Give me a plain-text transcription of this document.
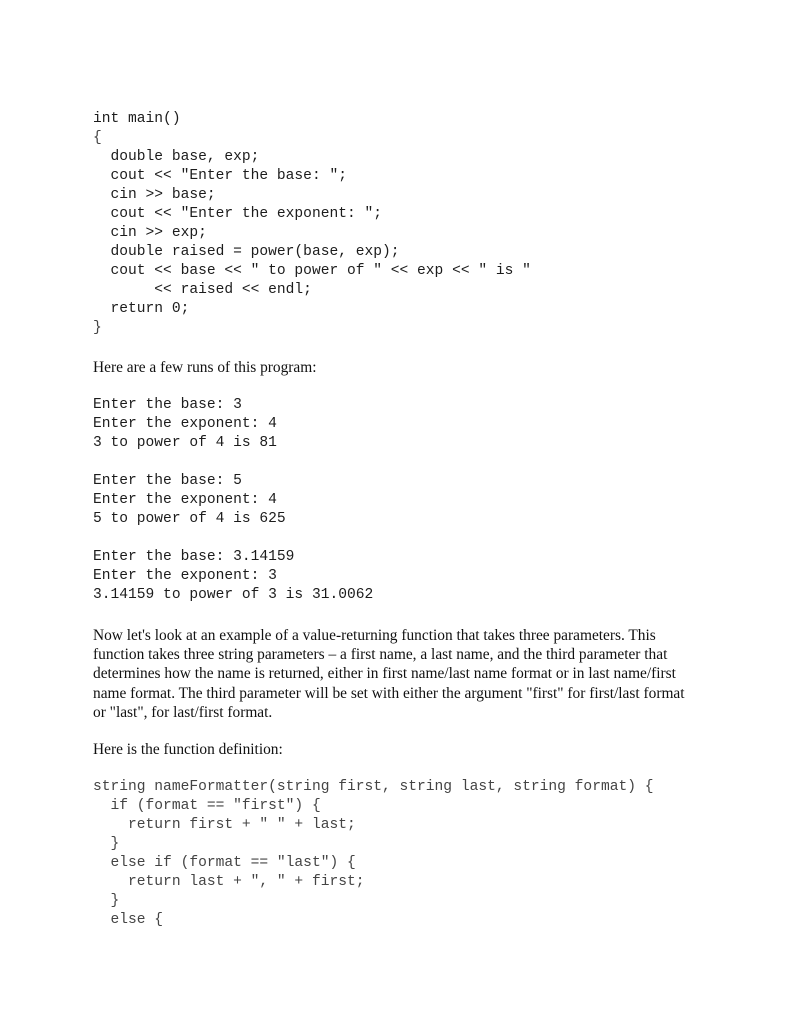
int main()
{
double base, exp;
cout << "Enter the base: ";
cin >> base;
cout << "Enter the exponent: ";
cin >> exp;
double raised = power(base, exp);
cout << base << " to power of " << exp << " is "
<< raised << endl;
return 0;
}
Here are a few runs of this program:
Enter the base: 3
Enter the exponent: 4
3 to power of 4 is 81
Enter the base: 5
Enter the exponent: 4
5 to power of 4 is 625
Enter the base: 3.14159
Enter the exponent: 3
3.14159 to power of 3 is 31.0062
Now let's look at an example of a value-returning function that takes three parameters. This
function takes three string parameters – a first name, a last name, and the third parameter that
determines how the name is returned, either in first name/last name format or in last name/first
name format. The third parameter will be set with either the argument "first" for first/last format
or "last", for last/first format.
Here is the function definition:
string nameFormatter(string first, string last, string format) {
if (format == "first") {
return first + " " + last;
}
else if (format == "last") {
return last + ", " + first;
}
else {
